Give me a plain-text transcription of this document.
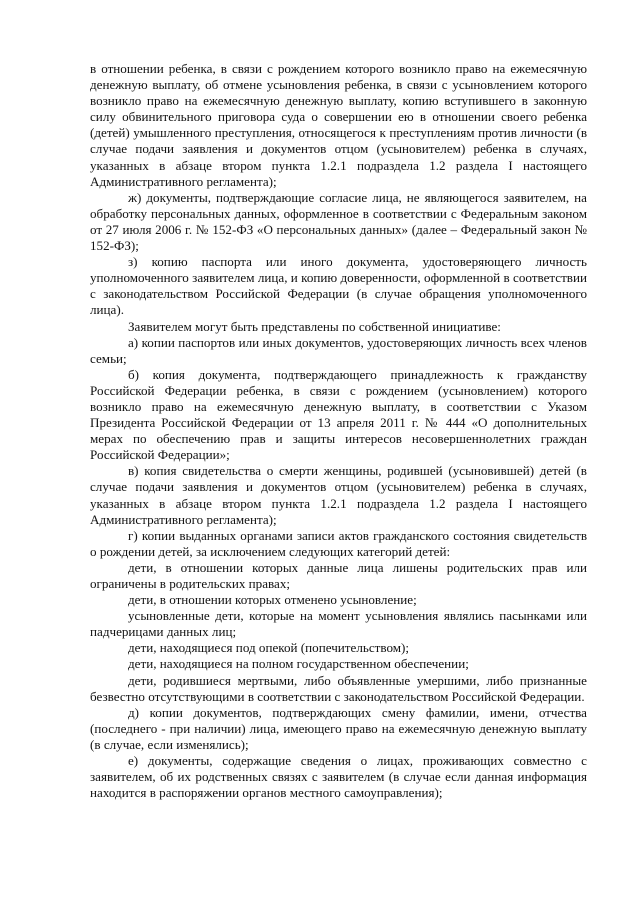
в отношении ребенка, в связи с рождением которого возникло право на ежемесячную денежную выплату, об отмене усыновления ребенка, в связи с усыновлением которого возникло право на ежемесячную денежную выплату, копию вступившего в законную силу обвинительного приговора суда о совершении ею в отношении своего ребенка (детей) умышленного преступления, относящегося к преступлениям против личности (в случае подачи заявления и документов отцом (усыновителем) ребенка в случаях, указанных в абзаце втором пункта 1.2.1 подраздела 1.2 раздела I настоящего Административного регламента);

ж) документы, подтверждающие согласие лица, не являющегося заявителем, на обработку персональных данных, оформленное в соответствии с Федеральным законом от 27 июля 2006 г. № 152-ФЗ «О персональных данных» (далее – Федеральный закон № 152-ФЗ);

з) копию паспорта или иного документа, удостоверяющего личность уполномоченного заявителем лица, и копию доверенности, оформленной в соответствии с законодательством Российской Федерации (в случае обращения уполномоченного лица).

Заявителем могут быть представлены по собственной инициативе:

а) копии паспортов или иных документов, удостоверяющих личность всех членов семьи;

б) копия документа, подтверждающего принадлежность к гражданству Российской Федерации ребенка, в связи с рождением (усыновлением) которого возникло право на ежемесячную денежную выплату, в соответствии с Указом Президента Российской Федерации от 13 апреля 2011 г. № 444 «О дополнительных мерах по обеспечению прав и защиты интересов несовершеннолетних граждан Российской Федерации»;

в) копия свидетельства о смерти женщины, родившей (усыновившей) детей (в случае подачи заявления и документов отцом (усыновителем) ребенка в случаях, указанных в абзаце втором пункта 1.2.1 подраздела 1.2 раздела I настоящего Административного регламента);

г) копии выданных органами записи актов гражданского состояния свидетельств о рождении детей, за исключением следующих категорий детей:

дети, в отношении которых данные лица лишены родительских прав или ограничены в родительских правах;

дети, в отношении которых отменено усыновление;

усыновленные дети, которые на момент усыновления являлись пасынками или падчерицами данных лиц;

дети, находящиеся под опекой (попечительством);

дети, находящиеся на полном государственном обеспечении;

дети, родившиеся мертвыми, либо объявленные умершими, либо признанные безвестно отсутствующими в соответствии с законодательством Российской Федерации.

д) копии документов, подтверждающих смену фамилии, имени, отчества (последнего - при наличии) лица, имеющего право на ежемесячную денежную выплату (в случае, если изменялись);

е) документы, содержащие сведения о лицах, проживающих совместно с заявителем, об их родственных связях с заявителем (в случае если данная информация находится в распоряжении органов местного самоуправления);
